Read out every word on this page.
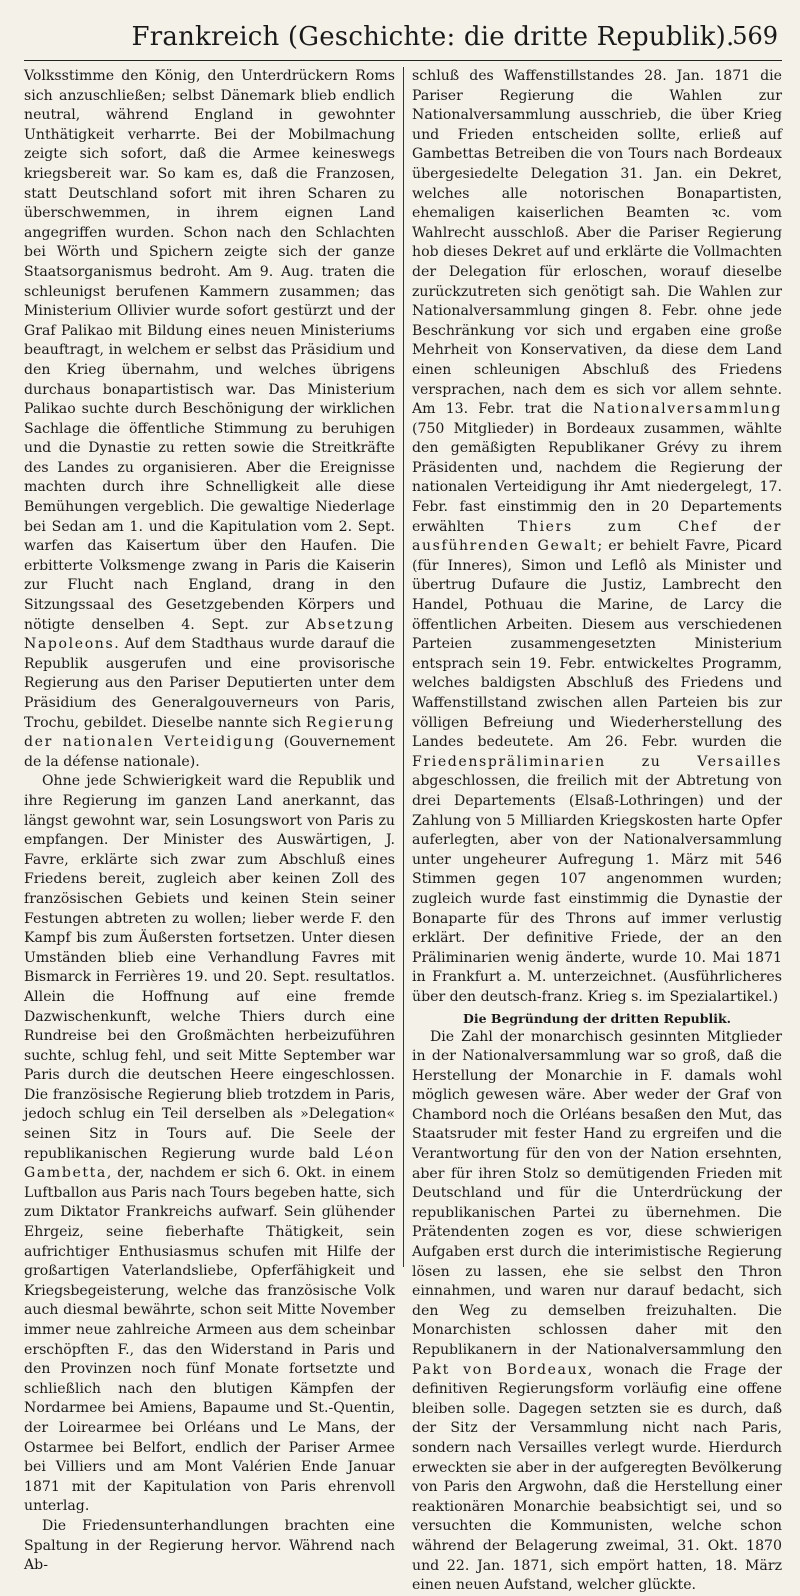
Frankreich (Geschichte: die dritte Republik).
569

Volksstimme den König, den Unterdrückern Roms sich anzuschließen; selbst Dänemark blieb endlich neutral, während England in gewohnter Unthätigkeit verharrte. Bei der Mobilmachung zeigte sich sofort, daß die Armee keineswegs kriegsbereit war. So kam es, daß die Franzosen, statt Deutschland sofort mit ihren Scharen zu überschwemmen, in ihrem eignen Land angegriffen wurden. Schon nach den Schlachten bei Wörth und Spichern zeigte sich der ganze Staatsorganismus bedroht. Am 9. Aug. traten die schleunigst berufenen Kammern zusammen; das Ministerium Ollivier wurde sofort gestürzt und der Graf Palikao mit Bildung eines neuen Ministeriums beauftragt, in welchem er selbst das Präsidium und den Krieg übernahm, und welches übrigens durchaus bonapartistisch war. Das Ministerium Palikao suchte durch Beschönigung der wirklichen Sachlage die öffentliche Stimmung zu beruhigen und die Dynastie zu retten sowie die Streitkräfte des Landes zu organisieren. Aber die Ereignisse machten durch ihre Schnelligkeit alle diese Bemühungen vergeblich. Die gewaltige Niederlage bei Sedan am 1. und die Kapitulation vom 2. Sept. warfen das Kaisertum über den Haufen. Die erbitterte Volksmenge zwang in Paris die Kaiserin zur Flucht nach England, drang in den Sitzungssaal des Gesetzgebenden Körpers und nötigte denselben 4. Sept. zur Absetzung Napoleons. Auf dem Stadthaus wurde darauf die Republik ausgerufen und eine provisorische Regierung aus den Pariser Deputierten unter dem Präsidium des Generalgouverneurs von Paris, Trochu, gebildet. Dieselbe nannte sich Regierung der nationalen Verteidigung (Gouvernement de la défense nationale).

Ohne jede Schwierigkeit ward die Republik und ihre Regierung im ganzen Land anerkannt, das längst gewohnt war, sein Losungswort von Paris zu empfangen. Der Minister des Auswärtigen, J. Favre, erklärte sich zwar zum Abschluß eines Friedens bereit, zugleich aber keinen Zoll des französischen Gebiets und keinen Stein seiner Festungen abtreten zu wollen; lieber werde F. den Kampf bis zum Äußersten fortsetzen. Unter diesen Umständen blieb eine Verhandlung Favres mit Bismarck in Ferrières 19. und 20. Sept. resultatlos. Allein die Hoffnung auf eine fremde Dazwischenkunft, welche Thiers durch eine Rundreise bei den Großmächten herbeizuführen suchte, schlug fehl, und seit Mitte September war Paris durch die deutschen Heere eingeschlossen. Die französische Regierung blieb trotzdem in Paris, jedoch schlug ein Teil derselben als »Delegation« seinen Sitz in Tours auf. Die Seele der republikanischen Regierung wurde bald Léon Gambetta, der, nachdem er sich 6. Okt. in einem Luftballon aus Paris nach Tours begeben hatte, sich zum Diktator Frankreichs aufwarf. Sein glühender Ehrgeiz, seine fieberhafte Thätigkeit, sein aufrichtiger Enthusiasmus schufen mit Hilfe der großartigen Vaterlandsliebe, Opferfähigkeit und Kriegsbegeisterung, welche das französische Volk auch diesmal bewährte, schon seit Mitte November immer neue zahlreiche Armeen aus dem scheinbar erschöpften F., das den Widerstand in Paris und den Provinzen noch fünf Monate fortsetzte und schließlich nach den blutigen Kämpfen der Nordarmee bei Amiens, Bapaume und St.-Quentin, der Loirearmee bei Orléans und Le Mans, der Ostarmee bei Belfort, endlich der Pariser Armee bei Villiers und am Mont Valérien Ende Januar 1871 mit der Kapitulation von Paris ehrenvoll unterlag.

Die Friedensunterhandlungen brachten eine Spaltung in der Regierung hervor. Während nach Ab-

schluß des Waffenstillstandes 28. Jan. 1871 die Pariser Regierung die Wahlen zur Nationalversammlung ausschrieb, die über Krieg und Frieden entscheiden sollte, erließ auf Gambettas Betreiben die von Tours nach Bordeaux übergesiedelte Delegation 31. Jan. ein Dekret, welches alle notorischen Bonapartisten, ehemaligen kaiserlichen Beamten ꝛc. vom Wahlrecht ausschloß. Aber die Pariser Regierung hob dieses Dekret auf und erklärte die Vollmachten der Delegation für erloschen, worauf dieselbe zurückzutreten sich genötigt sah. Die Wahlen zur Nationalversammlung gingen 8. Febr. ohne jede Beschränkung vor sich und ergaben eine große Mehrheit von Konservativen, da diese dem Land einen schleunigen Abschluß des Friedens versprachen, nach dem es sich vor allem sehnte. Am 13. Febr. trat die Nationalversammlung (750 Mitglieder) in Bordeaux zusammen, wählte den gemäßigten Republikaner Grévy zu ihrem Präsidenten und, nachdem die Regierung der nationalen Verteidigung ihr Amt niedergelegt, 17. Febr. fast einstimmig den in 20 Departements erwählten Thiers zum Chef der ausführenden Gewalt; er behielt Favre, Picard (für Inneres), Simon und Leflô als Minister und übertrug Dufaure die Justiz, Lambrecht den Handel, Pothuau die Marine, de Larcy die öffentlichen Arbeiten. Diesem aus verschiedenen Parteien zusammengesetzten Ministerium entsprach sein 19. Febr. entwickeltes Programm, welches baldigsten Abschluß des Friedens und Waffenstillstand zwischen allen Parteien bis zur völligen Befreiung und Wiederherstellung des Landes bedeutete. Am 26. Febr. wurden die Friedenspräliminarien zu Versailles abgeschlossen, die freilich mit der Abtretung von drei Departements (Elsaß-Lothringen) und der Zahlung von 5 Milliarden Kriegskosten harte Opfer auferlegten, aber von der Nationalversammlung unter ungeheurer Aufregung 1. März mit 546 Stimmen gegen 107 angenommen wurden; zugleich wurde fast einstimmig die Dynastie der Bonaparte für des Throns auf immer verlustig erklärt. Der definitive Friede, der an den Präliminarien wenig änderte, wurde 10. Mai 1871 in Frankfurt a. M. unterzeichnet. (Ausführlicheres über den deutsch-franz. Krieg s. im Spezialartikel.)

Die Begründung der dritten Republik.

Die Zahl der monarchisch gesinnten Mitglieder in der Nationalversammlung war so groß, daß die Herstellung der Monarchie in F. damals wohl möglich gewesen wäre. Aber weder der Graf von Chambord noch die Orléans besaßen den Mut, das Staatsruder mit fester Hand zu ergreifen und die Verantwortung für den von der Nation ersehnten, aber für ihren Stolz so demütigenden Frieden mit Deutschland und für die Unterdrückung der republikanischen Partei zu übernehmen. Die Prätendenten zogen es vor, diese schwierigen Aufgaben erst durch die interimistische Regierung lösen zu lassen, ehe sie selbst den Thron einnahmen, und waren nur darauf bedacht, sich den Weg zu demselben freizuhalten. Die Monarchisten schlossen daher mit den Republikanern in der Nationalversammlung den Pakt von Bordeaux, wonach die Frage der definitiven Regierungsform vorläufig eine offene bleiben solle. Dagegen setzten sie es durch, daß der Sitz der Versammlung nicht nach Paris, sondern nach Versailles verlegt wurde. Hierdurch erweckten sie aber in der aufgeregten Bevölkerung von Paris den Argwohn, daß die Herstellung einer reaktionären Monarchie beabsichtigt sei, und so versuchten die Kommunisten, welche schon während der Belagerung zweimal, 31. Okt. 1870 und 22. Jan. 1871, sich empört hatten, 18. März einen neuen Aufstand, welcher glückte.
